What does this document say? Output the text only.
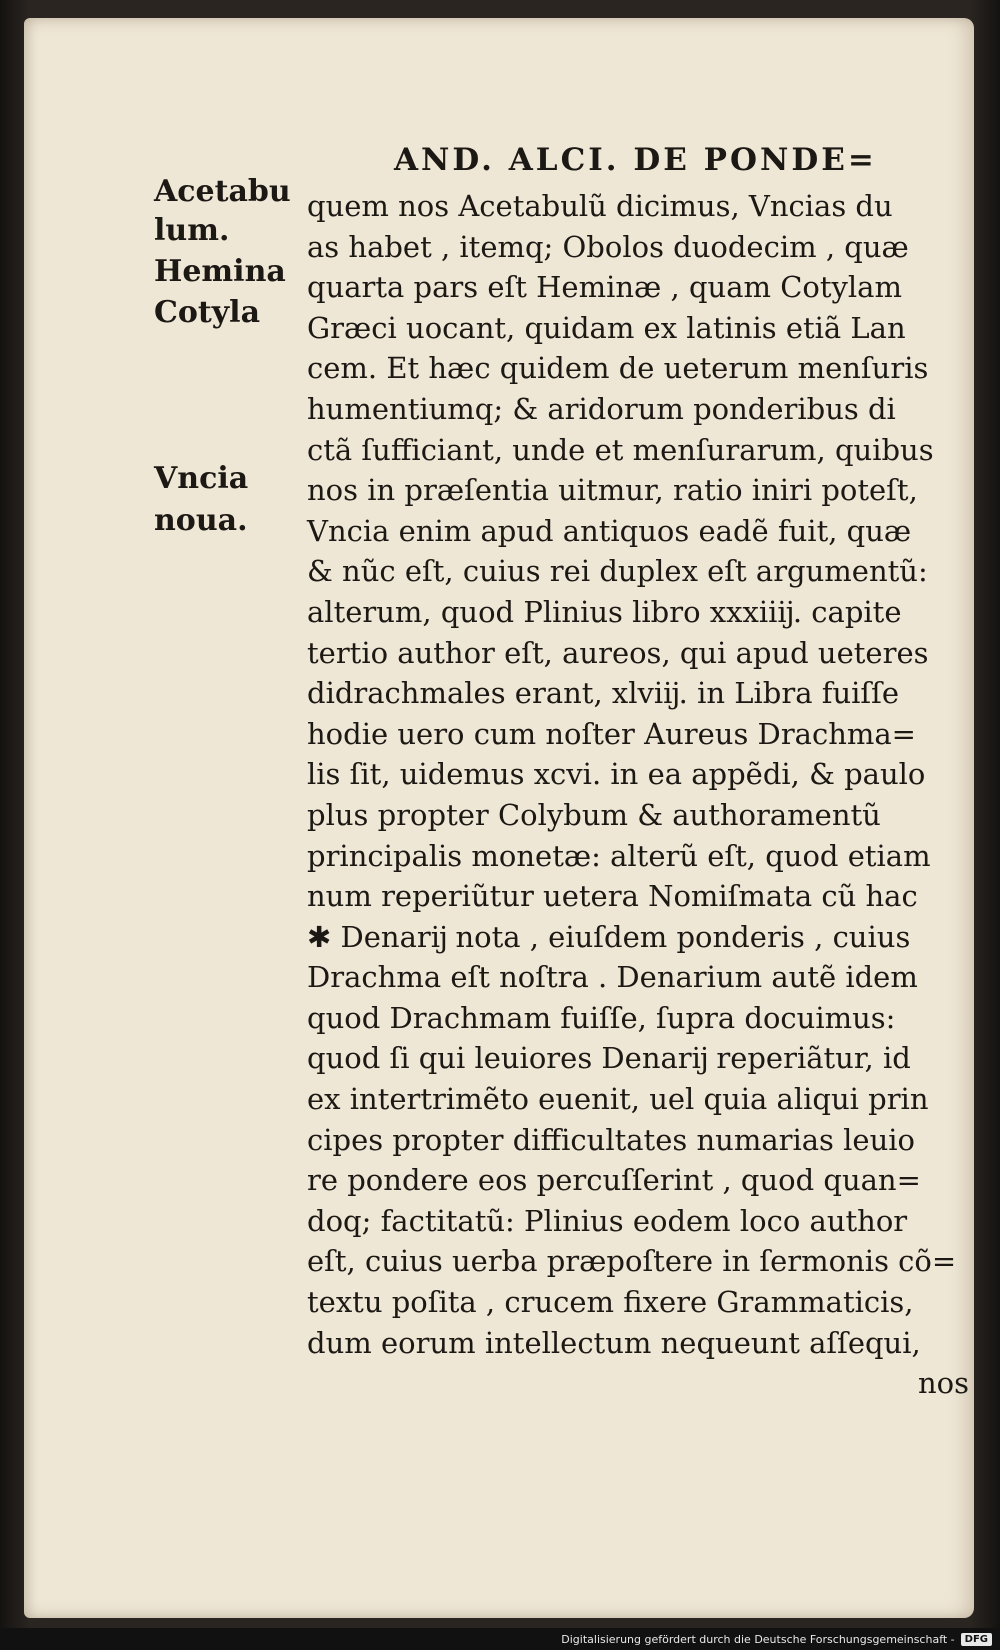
AND. ALCI. DE PONDE=
Acetabu
lum.
Hemina
Cotyla
Vncia
noua.
quem nos Acetabulũ dicimus, Vncias du
as habet , itemq; Obolos duodecim , quæ
quarta pars eſt Heminæ , quam Cotylam
Græci uocant, quidam ex latinis etiã Lan
cem. Et hæc quidem de ueterum menſuris
humentiumq; & aridorum ponderibus di
ctã ſufficiant, unde et menſurarum, quibus
nos in præſentia uitmur, ratio iniri poteſt,
Vncia enim apud antiquos eadẽ fuit, quæ
& nũc eſt, cuius rei duplex eſt argumentũ:
alterum, quod Plinius libro xxxiiĳ. capite
tertio author eſt, aureos, qui apud ueteres
didrachmales erant, xlviĳ. in Libra fuiſſe
hodie uero cum noſter Aureus Drachma=
lis ſit, uidemus xcvi. in ea appẽdi, & paulo
plus propter Colybum & authoramentũ
principalis monetæ: alterũ eſt, quod etiam
num reperiũtur uetera Nomiſmata cũ hac
✱ Denarĳ nota , eiuſdem ponderis , cuius
Drachma eſt noſtra . Denarium autẽ idem
quod Drachmam fuiſſe, ſupra docuimus:
quod ſi qui leuiores Denarĳ reperiãtur, id
ex intertrimẽto euenit, uel quia aliqui prin
cipes propter difficultates numarias leuio
re pondere eos percuſſerint , quod quan=
doq; factitatũ: Plinius eodem loco author
eſt, cuius uerba præpoſtere in ſermonis cõ=
textu poſita , crucem fixere Grammaticis,
dum eorum intellectum nequeunt aſſequi,
nos
Digitalisierung gefördert durch die Deutsche Forschungsgemeinschaft -	DFG
